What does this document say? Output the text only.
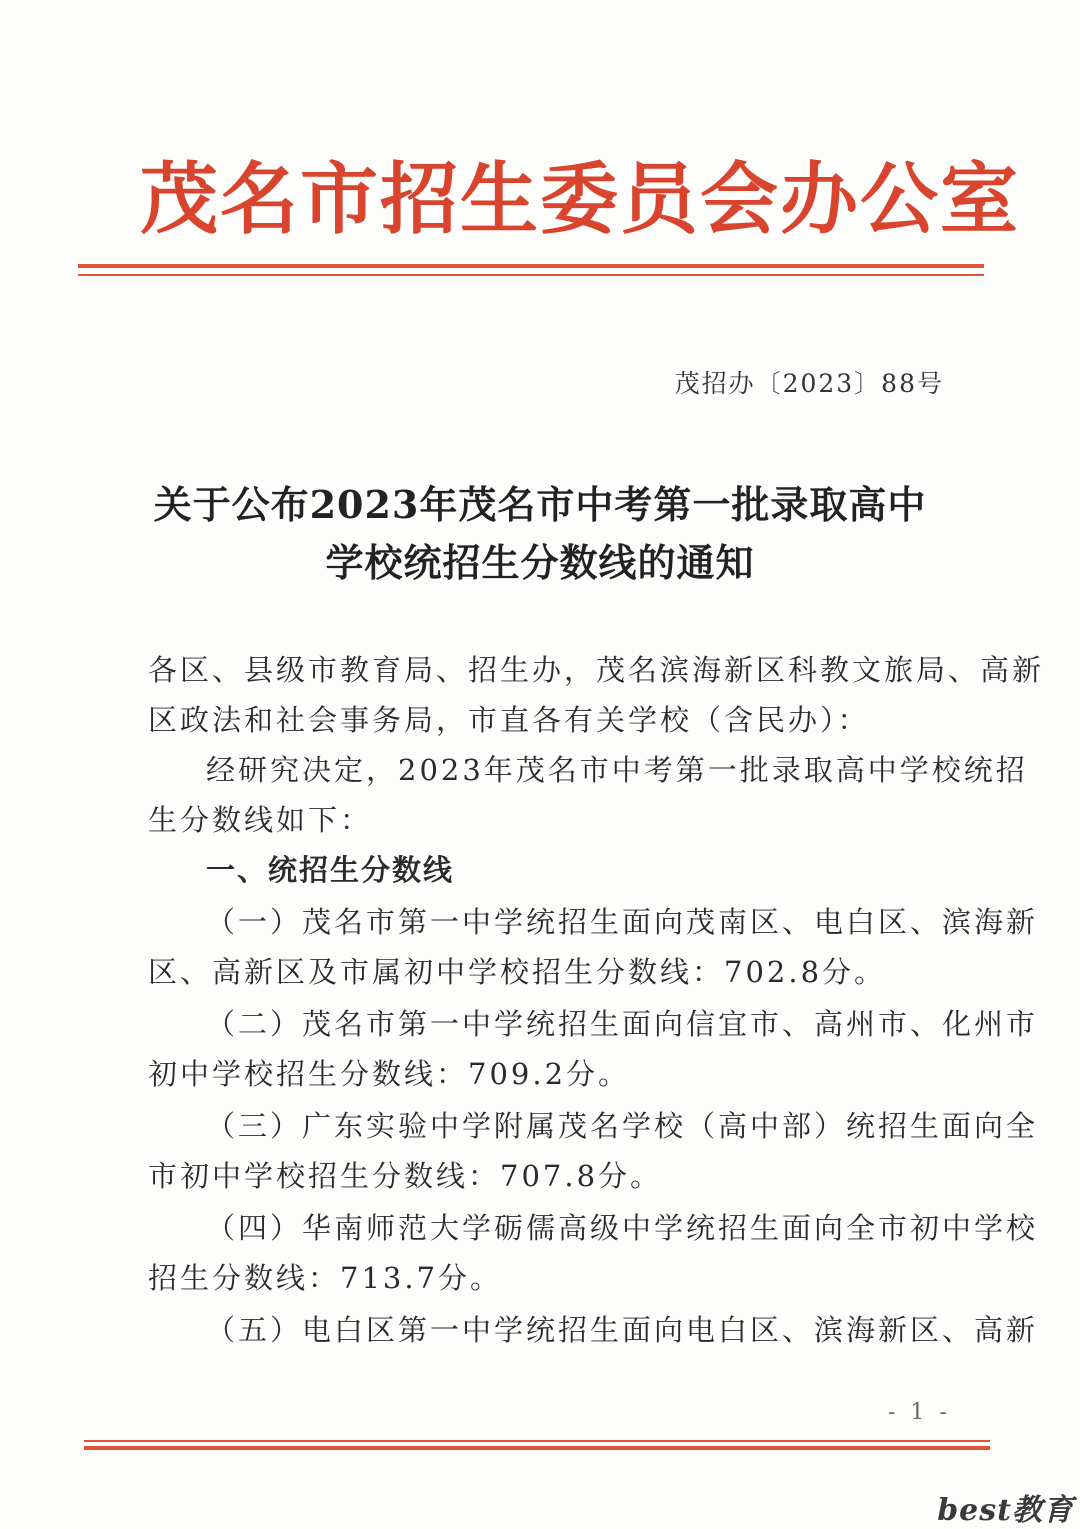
茂名市招生委员会办公室
茂招办〔2023〕88号
关于公布2023年茂名市中考第一批录取高中
学校统招生分数线的通知
各区、县级市教育局、招生办，茂名滨海新区科教文旅局、高新
区政法和社会事务局，市直各有关学校（含民办）：
经研究决定，2023年茂名市中考第一批录取高中学校统招
生分数线如下：
一、统招生分数线
（一）茂名市第一中学统招生面向茂南区、电白区、滨海新
区、高新区及市属初中学校招生分数线：702.8分。
（二）茂名市第一中学统招生面向信宜市、高州市、化州市
初中学校招生分数线：709.2分。
（三）广东实验中学附属茂名学校（高中部）统招生面向全
市初中学校招生分数线：707.8分。
（四）华南师范大学砺儒高级中学统招生面向全市初中学校
招生分数线：713.7分。
（五）电白区第一中学统招生面向电白区、滨海新区、高新
- 1 -
best教育
